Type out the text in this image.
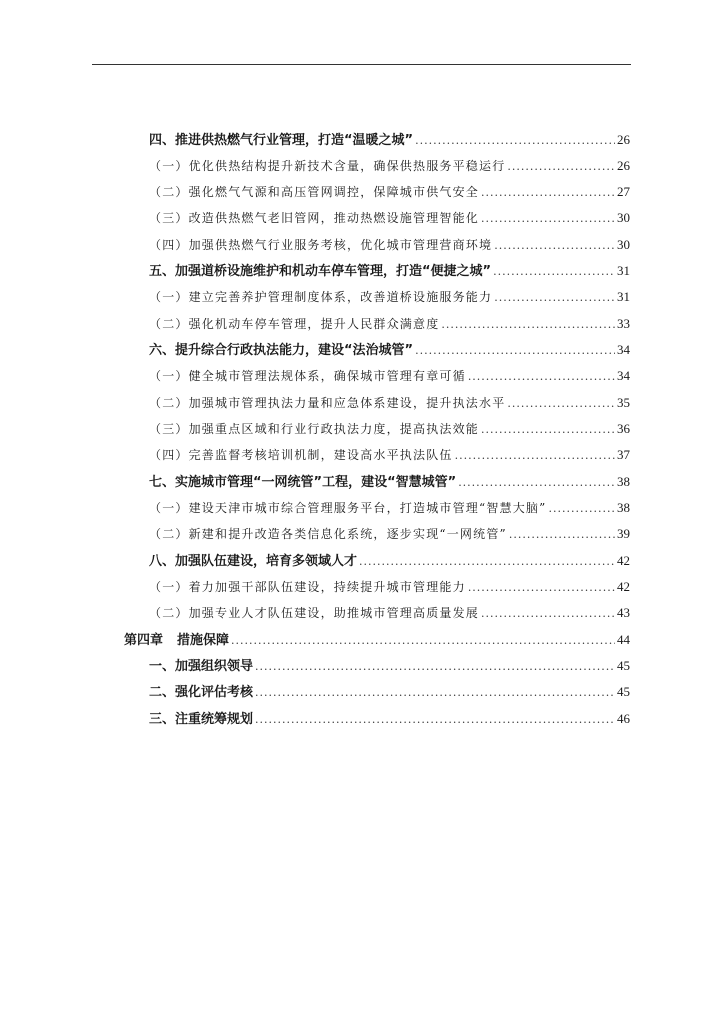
四、推进供热燃气行业管理，打造“温暖之城” .....	26
（一）优化供热结构提升新技术含量，确保供热服务平稳运行 .....	26
（二）强化燃气气源和高压管网调控，保障城市供气安全 .....	27
（三）改造供热燃气老旧管网，推动热燃设施管理智能化 .....	30
（四）加强供热燃气行业服务考核，优化城市管理营商环境 .....	30
五、加强道桥设施维护和机动车停车管理，打造“便捷之城” .....	31
（一）建立完善养护管理制度体系，改善道桥设施服务能力 .....	31
（二）强化机动车停车管理，提升人民群众满意度 .....	33
六、提升综合行政执法能力，建设“法治城管” .....	34
（一）健全城市管理法规体系，确保城市管理有章可循 .....	34
（二）加强城市管理执法力量和应急体系建设，提升执法水平 .....	35
（三）加强重点区域和行业行政执法力度，提高执法效能 .....	36
（四）完善监督考核培训机制，建设高水平执法队伍 .....	37
七、实施城市管理“一网统管”工程，建设“智慧城管” .....	38
（一）建设天津市城市综合管理服务平台，打造城市管理“智慧大脑” .....	38
（二）新建和提升改造各类信息化系统，逐步实现“一网统管” .....	39
八、加强队伍建设，培育多领域人才 .....	42
（一）着力加强干部队伍建设，持续提升城市管理能力 .....	42
（二）加强专业人才队伍建设，助推城市管理高质量发展 .....	43
第四章 措施保障 .....	44
一、加强组织领导 .....	45
二、强化评估考核 .....	45
三、注重统筹规划 .....	46
